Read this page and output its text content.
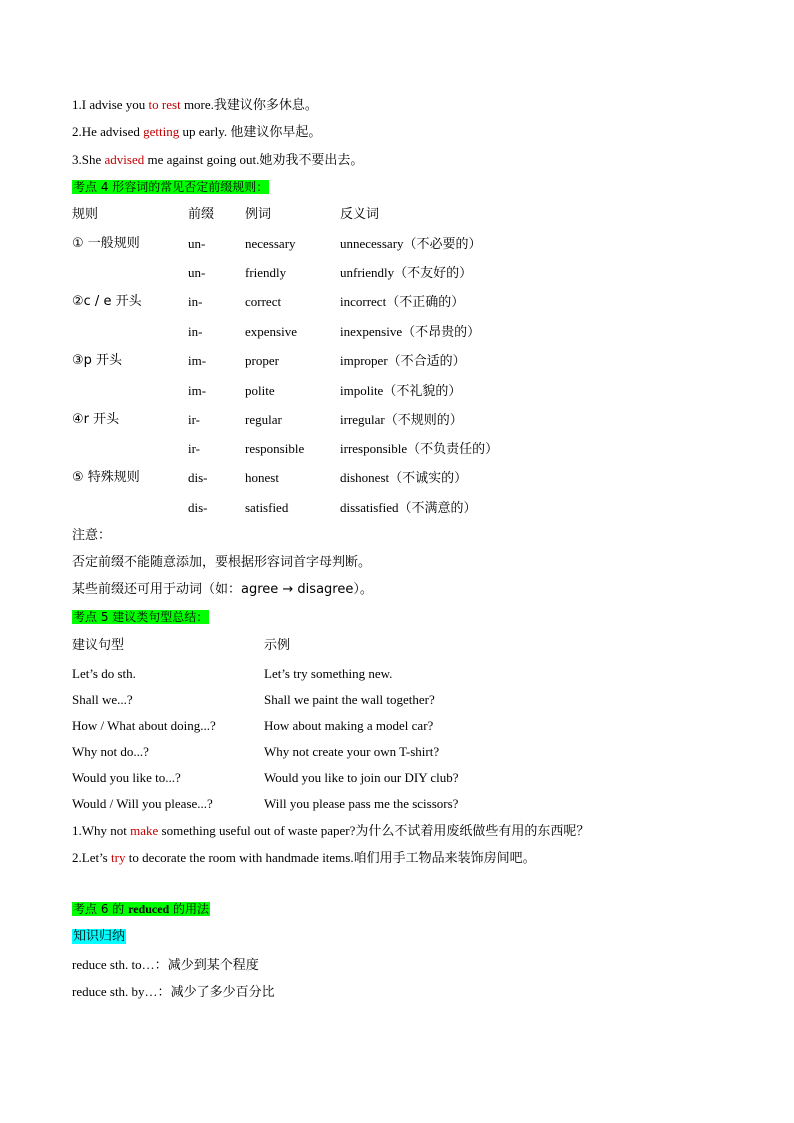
1.I advise you to rest more.我建议你多休息。
2.He advised getting up early. 他建议你早起。
3.She advised me against going out.她劝我不要出去。
考点 4 形容词的常见否定前缀规则：
规则	前缀 例词	反义词
① 一般规则	un-	necessary	unnecessary（不必要的）
un-	friendly	unfriendly（不友好的）
②c / e 开头	in-	correct	incorrect（不正确的）
in-	expensive	inexpensive（不昂贵的）
③p 开头	im-	proper	improper（不合适的）
im-	polite	impolite（不礼貌的）
④r 开头	ir-	regular	irregular（不规则的）
ir-	responsible	irresponsible（不负责任的）
⑤ 特殊规则	dis-	honest	dishonest（不诚实的）
dis-	satisfied	dissatisfied（不满意的）
注意：
否定前缀不能随意添加，要根据形容词首字母判断。
某些前缀还可用于动词（如：agree → disagree）。
考点 5 建议类句型总结：
建议句型	示例
Let’s do sth.	Let’s try something new.
Shall we...?	Shall we paint the wall together?
How / What about doing...?	How about making a model car?
Why not do...?	Why not create your own T-shirt?
Would you like to...?	Would you like to join our DIY club?
Would / Will you please...?	Will you please pass me the scissors?
1.Why not make something useful out of waste paper?为什么不试着用废纸做些有用的东西呢？
2.Let’s try to decorate the room with handmade items.咱们用手工物品来装饰房间吧。
考点 6 的 reduced 的用法
知识归纳
reduce sth. to…：减少到某个程度
reduce sth. by…：减少了多少百分比
